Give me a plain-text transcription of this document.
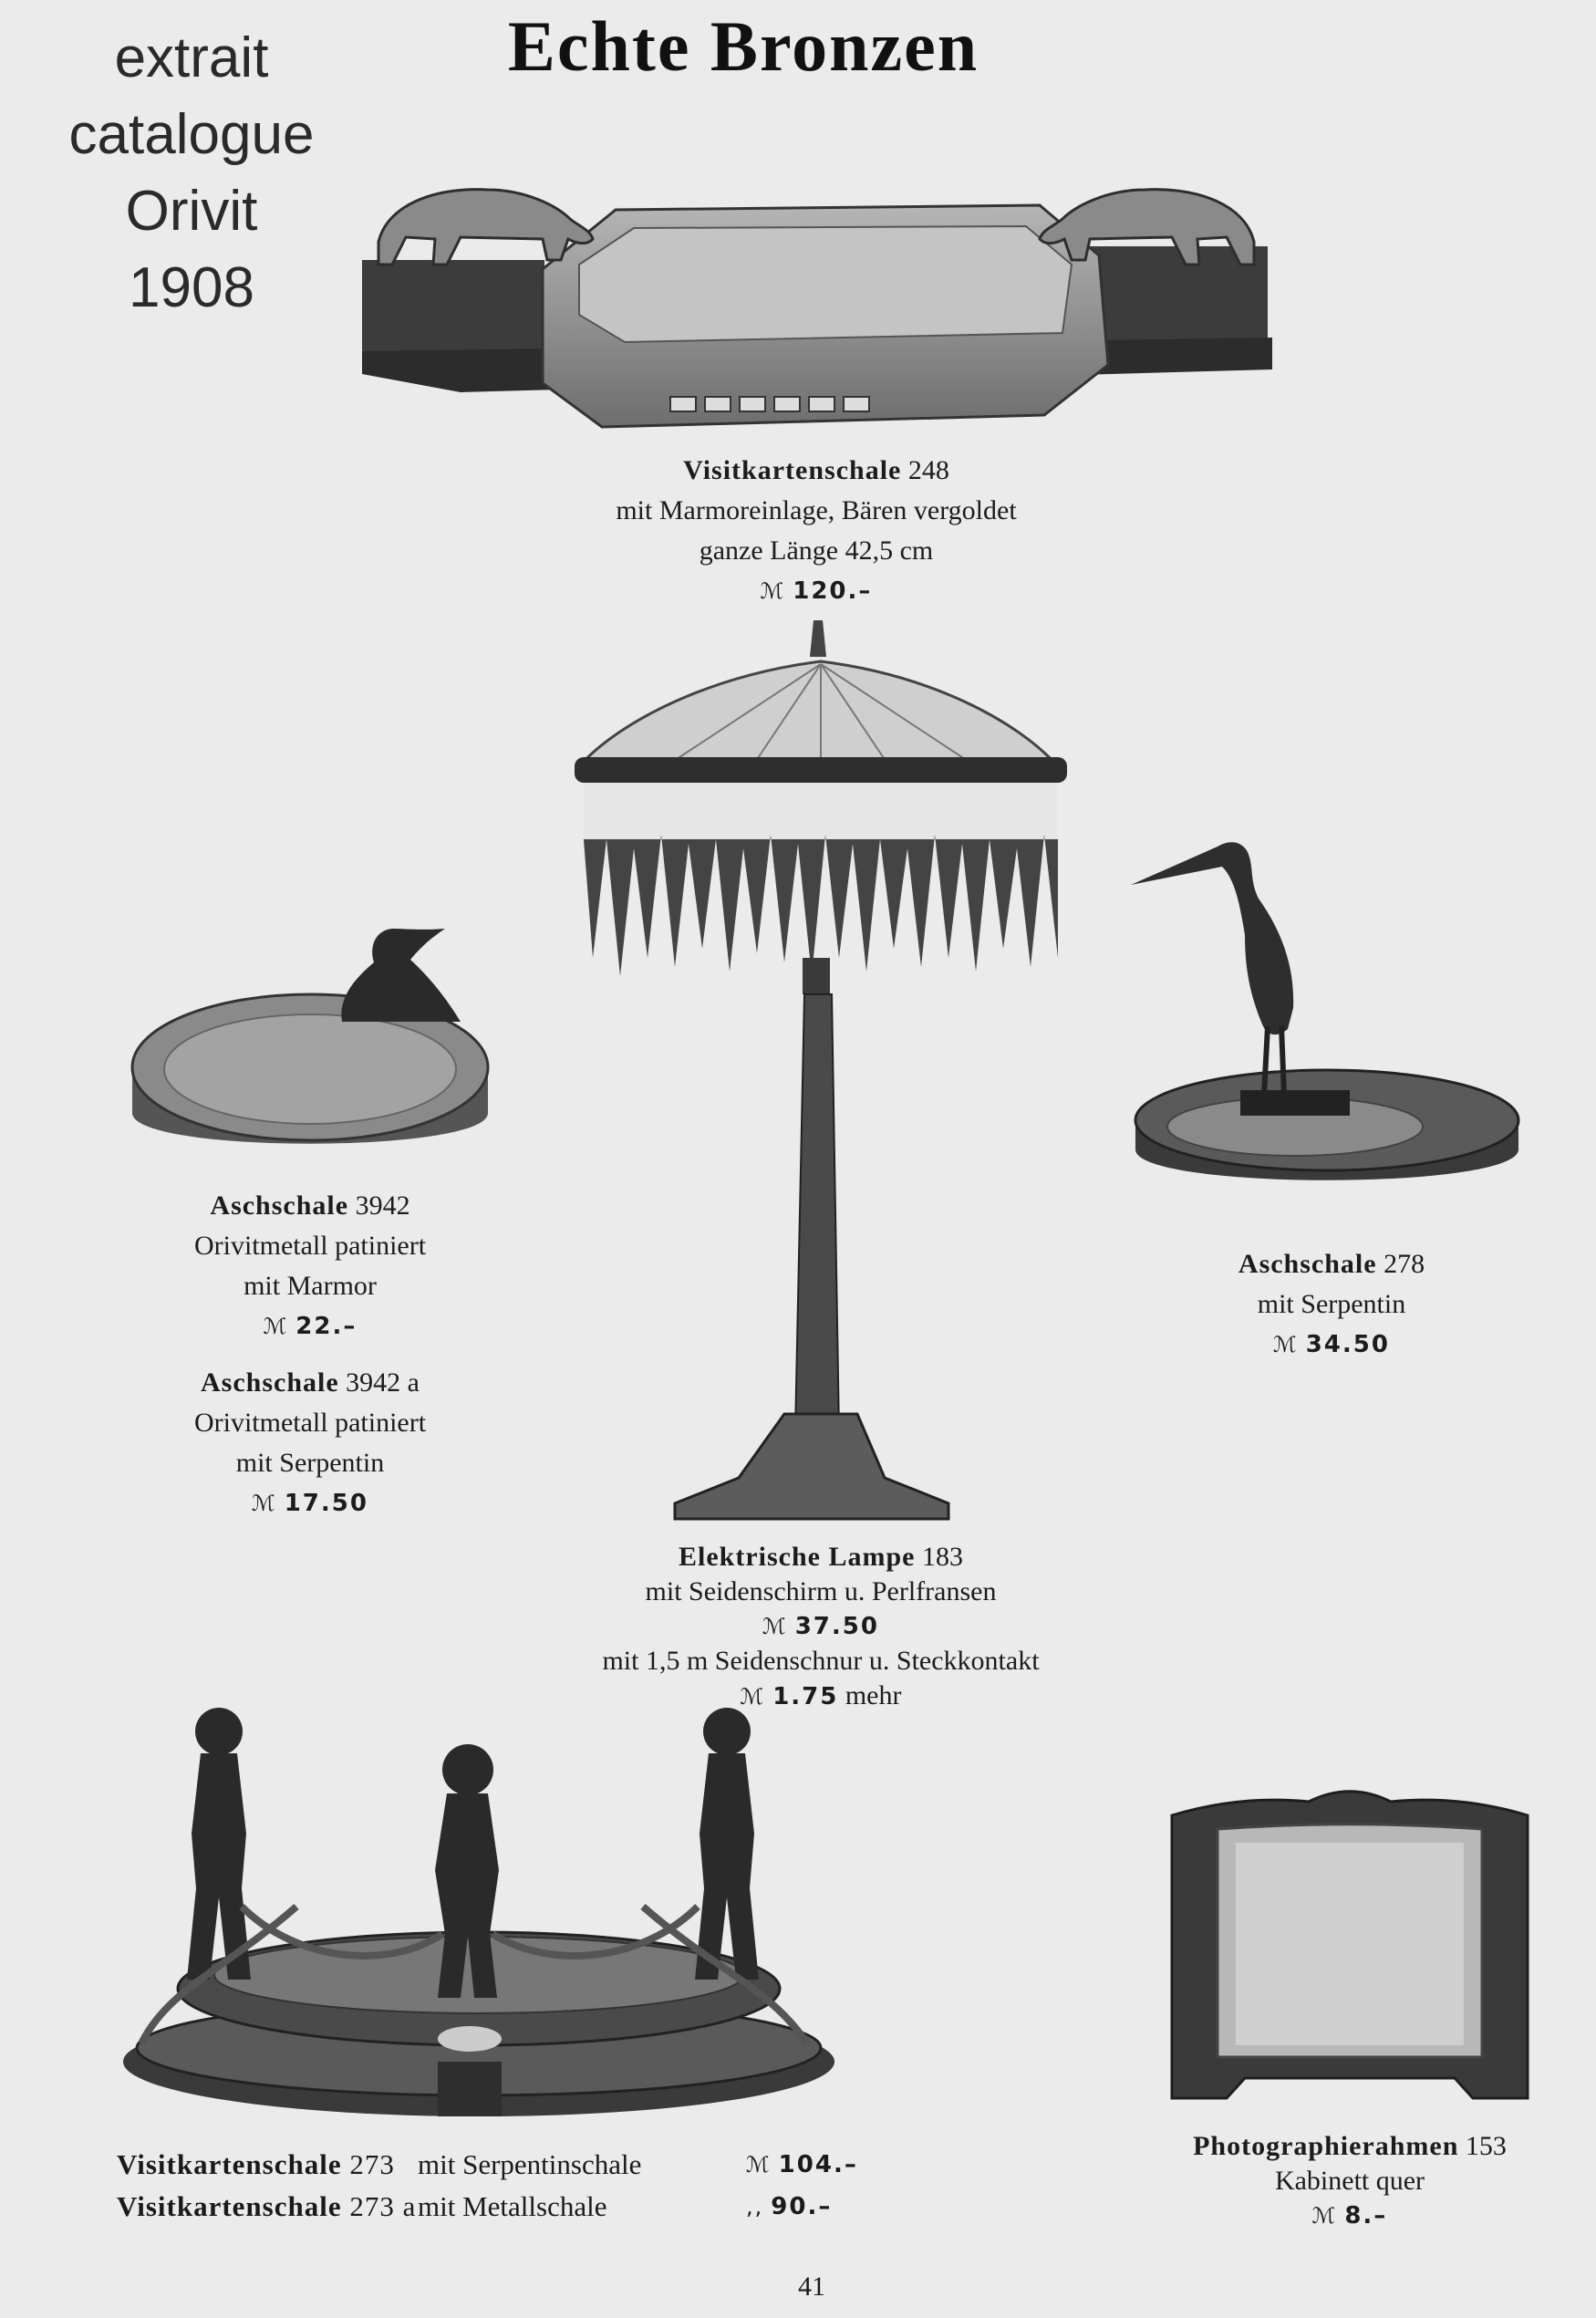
extrait
catalogue
Orivit
1908
Echte Bronzen
Visitkartenschale 248
mit Marmoreinlage, Bären vergoldet
ganze Länge 42,5 cm
ℳ 120.–
Aschschale 3942
Orivitmetall patiniert
mit Marmor
ℳ 22.–
Aschschale 3942 a
Orivitmetall patiniert
mit Serpentin
ℳ 17.50
Aschschale 278
mit Serpentin
ℳ 34.50
Elektrische Lampe 183
mit Seidenschirm u. Perlfransen
ℳ 37.50
mit 1,5 m Seidenschnur u. Steckkontakt
ℳ 1.75 mehr
Photographierahmen 153
Kabinett quer
ℳ 8.–
Visitkartenschale 273 mit Serpentinschale	ℳ 104.–
Visitkartenschale 273 a mit Metallschale	,, 90.–
41
